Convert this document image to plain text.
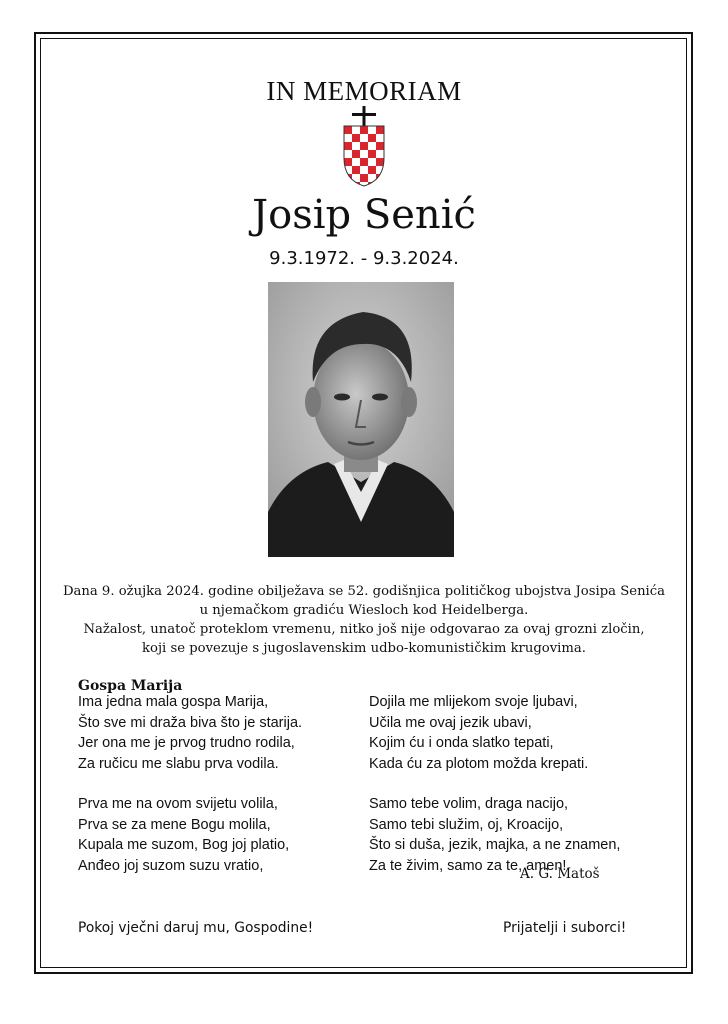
IN MEMORIAM
Josip Senić
9.3.1972. - 9.3.2024.
Dana 9. ožujka 2024. godine obilježava se 52. godišnjica političkog ubojstva Josipa Senića
u njemačkom gradiću Wiesloch kod Heidelberga.
Nažalost, unatoč proteklom vremenu, nitko još nije odgovarao za ovaj grozni zločin,
koji se povezuje s jugoslavenskim udbo-komunističkim krugovima.
Gospa Marija
Ima jedna mala gospa Marija,
Što sve mi draža biva što je starija.
Jer ona me je prvog trudno rodila,
Za ručicu me slabu prva vodila.
Prva me na ovom svijetu volila,
Prva se za mene Bogu molila,
Kupala me suzom, Bog joj platio,
Anđeo joj suzom suzu vratio,
Dojila me mlijekom svoje ljubavi,
Učila me ovaj jezik ubavi,
Kojim ću i onda slatko tepati,
Kada ću za plotom možda krepati.
Samo tebe volim, draga nacijo,
Samo tebi služim, oj, Kroacijo,
Što si duša, jezik, majka, a ne znamen,
Za te živim, samo za te, amen!
A. G. Matoš
Pokoj vječni daruj mu, Gospodine!	Prijatelji i suborci!
